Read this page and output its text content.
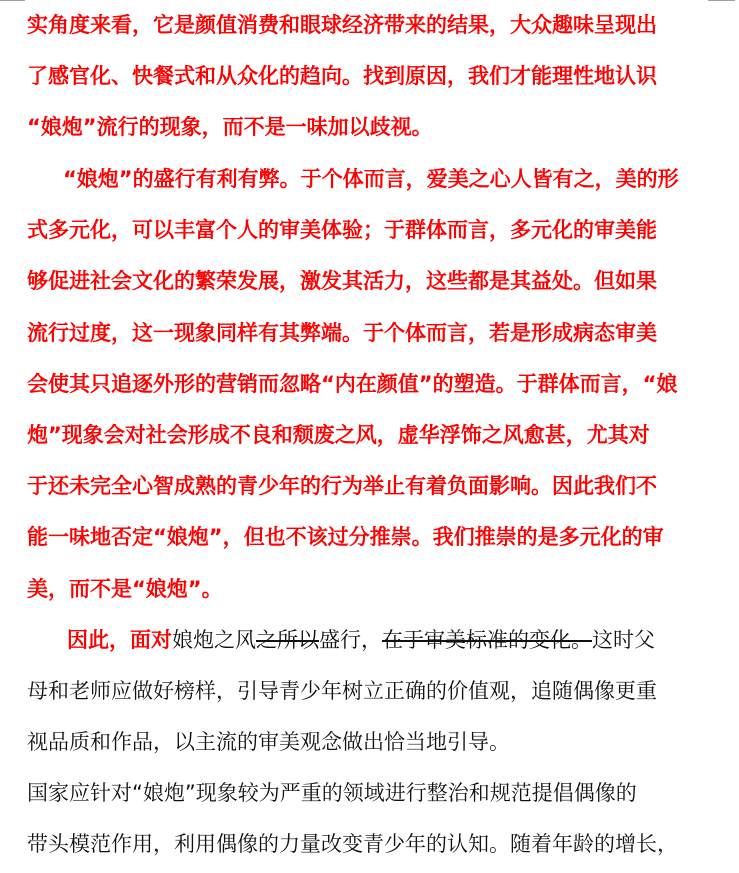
实角度来看，它是颜值消费和眼球经济带来的结果，大众趣味呈现出
了感官化、快餐式和从众化的趋向。找到原因，我们才能理性地认识
“娘炮”流行的现象，而不是一味加以歧视。
“娘炮”的盛行有利有弊。于个体而言，爱美之心人皆有之，美的形
式多元化，可以丰富个人的审美体验；于群体而言，多元化的审美能
够促进社会文化的繁荣发展，激发其活力，这些都是其益处。但如果
流行过度，这一现象同样有其弊端。于个体而言，若是形成病态审美
会使其只追逐外形的营销而忽略“内在颜值”的塑造。于群体而言，“娘
炮”现象会对社会形成不良和颓废之风，虚华浮饰之风愈甚，尤其对
于还未完全心智成熟的青少年的行为举止有着负面影响。因此我们不
能一味地否定“娘炮”，但也不该过分推崇。我们推崇的是多元化的审
美，而不是“娘炮”。
因此，面对娘炮之风之所以盛行，在于审美标准的变化。这时父
母和老师应做好榜样，引导青少年树立正确的价值观，追随偶像更重
视品质和作品，以主流的审美观念做出恰当地引导。
国家应针对“娘炮”现象较为严重的领域进行整治和规范提倡偶像的
带头模范作用，利用偶像的力量改变青少年的认知。随着年龄的增长，
